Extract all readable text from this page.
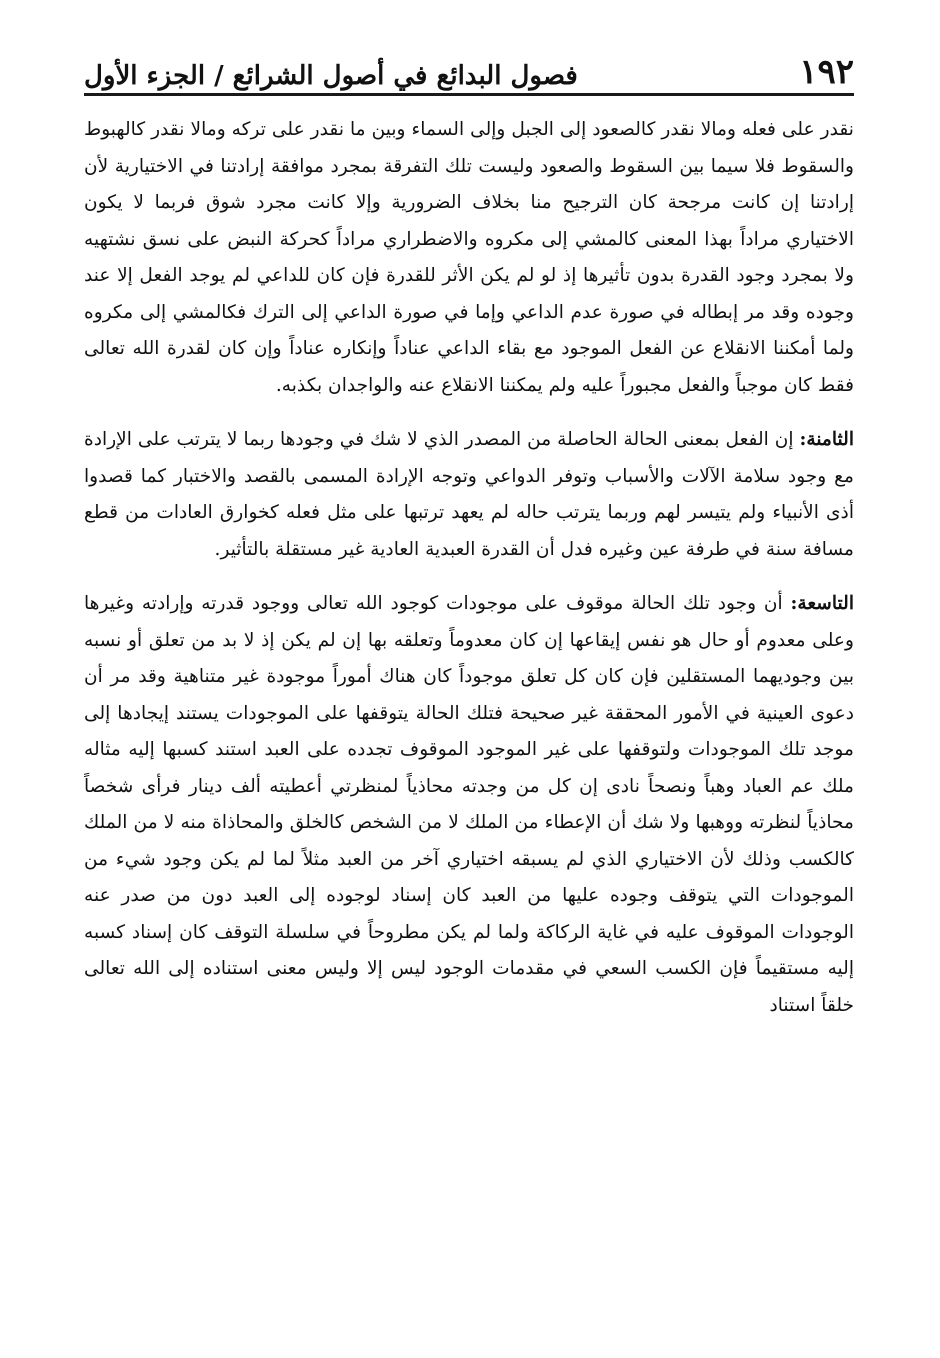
١٩٢
فصول البدائع في أصول الشرائع / الجزء الأول

نقدر على فعله ومالا نقدر كالصعود إلى الجبل وإلى السماء وبين ما نقدر على تركه ومالا نقدر كالهبوط والسقوط فلا سيما بين السقوط والصعود وليست تلك التفرقة بمجرد موافقة إرادتنا في الاختيارية لأن إرادتنا إن كانت مرجحة كان الترجيح منا بخلاف الضرورية وإلا كانت مجرد شوق فربما لا يكون الاختياري مراداً بهذا المعنى كالمشي إلى مكروه والاضطراري مراداً كحركة النبض على نسق نشتهيه ولا بمجرد وجود القدرة بدون تأثيرها إذ لو لم يكن الأثر للقدرة فإن كان للداعي لم يوجد الفعل إلا عند وجوده وقد مر إبطاله في صورة عدم الداعي وإما في صورة الداعي إلى الترك فكالمشي إلى مكروه ولما أمكننا الانقلاع عن الفعل الموجود مع بقاء الداعي عناداً وإنكاره عناداً وإن كان لقدرة الله تعالى فقط كان موجباً والفعل مجبوراً عليه ولم يمكننا الانقلاع عنه والواجدان بكذبه.

الثامنة: إن الفعل بمعنى الحالة الحاصلة من المصدر الذي لا شك في وجودها ربما لا يترتب على الإرادة مع وجود سلامة الآلات والأسباب وتوفر الدواعي وتوجه الإرادة المسمى بالقصد والاختبار كما قصدوا أذى الأنبياء ولم يتيسر لهم وربما يترتب حاله لم يعهد ترتبها على مثل فعله كخوارق العادات من قطع مسافة سنة في طرفة عين وغيره فدل أن القدرة العبدية العادية غير مستقلة بالتأثير.

التاسعة: أن وجود تلك الحالة موقوف على موجودات كوجود الله تعالى ووجود قدرته وإرادته وغيرها وعلى معدوم أو حال هو نفس إيقاعها إن كان معدوماً وتعلقه بها إن لم يكن إذ لا بد من تعلق أو نسبه بين وجوديهما المستقلين فإن كان كل تعلق موجوداً كان هناك أموراً موجودة غير متناهية وقد مر أن دعوى العينية في الأمور المحققة غير صحيحة فتلك الحالة يتوقفها على الموجودات يستند إيجادها إلى موجد تلك الموجودات ولتوقفها على غير الموجود الموقوف تجدده على العبد استند كسبها إليه مثاله ملك عم العباد وهباً ونصحاً نادى إن كل من وجدته محاذياً لمنظرتي أعطيته ألف دينار فرأى شخصاً محاذياً لنظرته ووهبها ولا شك أن الإعطاء من الملك لا من الشخص كالخلق والمحاذاة منه لا من الملك كالكسب وذلك لأن الاختياري الذي لم يسبقه اختياري آخر من العبد مثلاً لما لم يكن وجود شيء من الموجودات التي يتوقف وجوده عليها من العبد كان إسناد لوجوده إلى العبد دون من صدر عنه الوجودات الموقوف عليه في غاية الركاكة ولما لم يكن مطروحاً في سلسلة التوقف كان إسناد كسبه إليه مستقيماً فإن الكسب السعي في مقدمات الوجود ليس إلا وليس معنى استناده إلى الله تعالى خلقاً استناد
